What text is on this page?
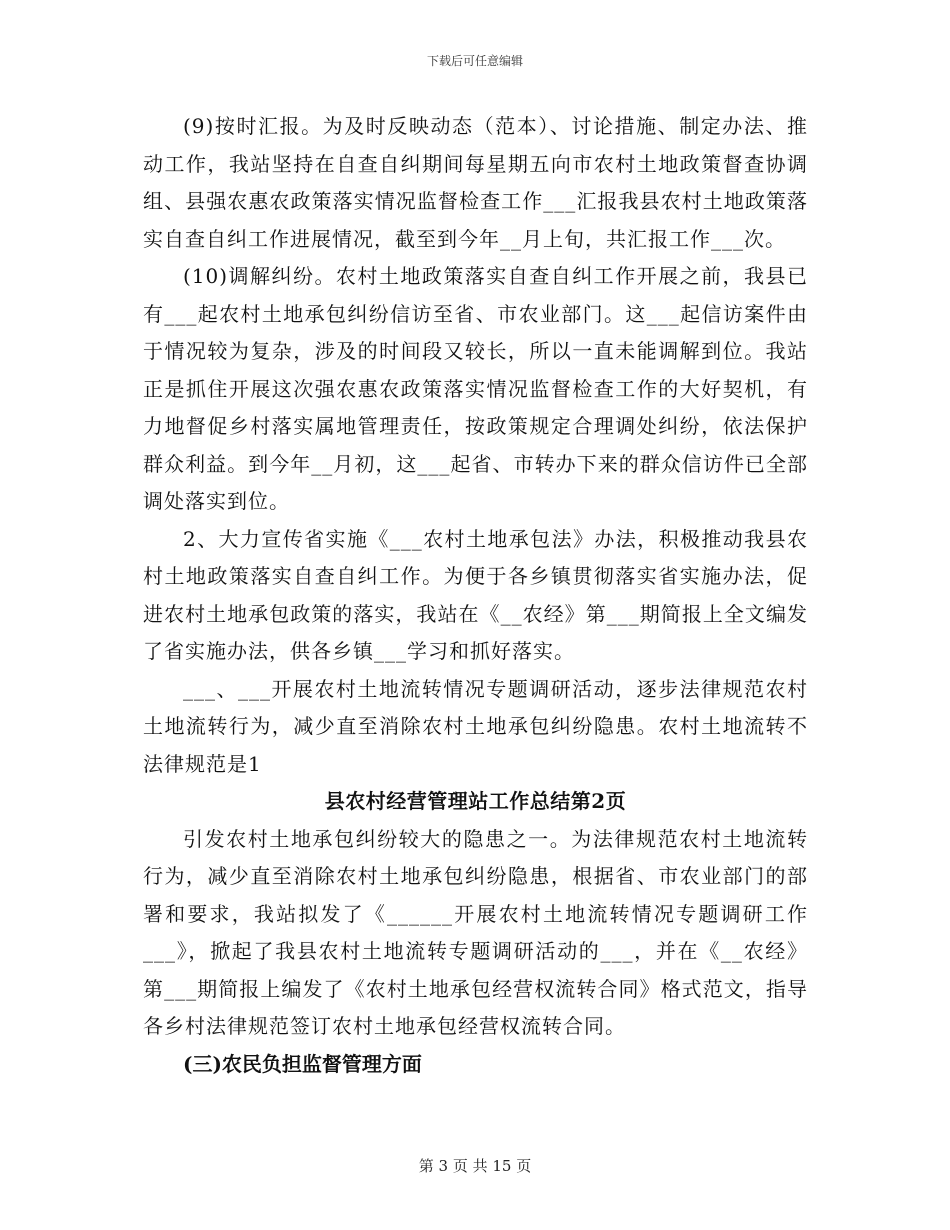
下载后可任意编辑

(9)按时汇报。为及时反映动态（范本）、讨论措施、制定办法、推动工作，我站坚持在自查自纠期间每星期五向市农村土地政策督查协调组、县强农惠农政策落实情况监督检查工作___汇报我县农村土地政策落实自查自纠工作进展情况，截至到今年__月上旬，共汇报工作___次。

(10)调解纠纷。农村土地政策落实自查自纠工作开展之前，我县已有___起农村土地承包纠纷信访至省、市农业部门。这___起信访案件由于情况较为复杂，涉及的时间段又较长，所以一直未能调解到位。我站正是抓住开展这次强农惠农政策落实情况监督检查工作的大好契机，有力地督促乡村落实属地管理责任，按政策规定合理调处纠纷，依法保护群众利益。到今年__月初，这___起省、市转办下来的群众信访件已全部调处落实到位。

2、大力宣传省实施《___农村土地承包法》办法，积极推动我县农村土地政策落实自查自纠工作。为便于各乡镇贯彻落实省实施办法，促进农村土地承包政策的落实，我站在《__农经》第___期简报上全文编发了省实施办法，供各乡镇___学习和抓好落实。

___、___开展农村土地流转情况专题调研活动，逐步法律规范农村土地流转行为，减少直至消除农村土地承包纠纷隐患。农村土地流转不法律规范是1

县农村经营管理站工作总结第2页

引发农村土地承包纠纷较大的隐患之一。为法律规范农村土地流转行为，减少直至消除农村土地承包纠纷隐患，根据省、市农业部门的部署和要求，我站拟发了《______开展农村土地流转情况专题调研工作___》，掀起了我县农村土地流转专题调研活动的___，并在《__农经》第___期简报上编发了《农村土地承包经营权流转合同》格式范文，指导各乡村法律规范签订农村土地承包经营权流转合同。

(三)农民负担监督管理方面

第 3 页 共 15 页
